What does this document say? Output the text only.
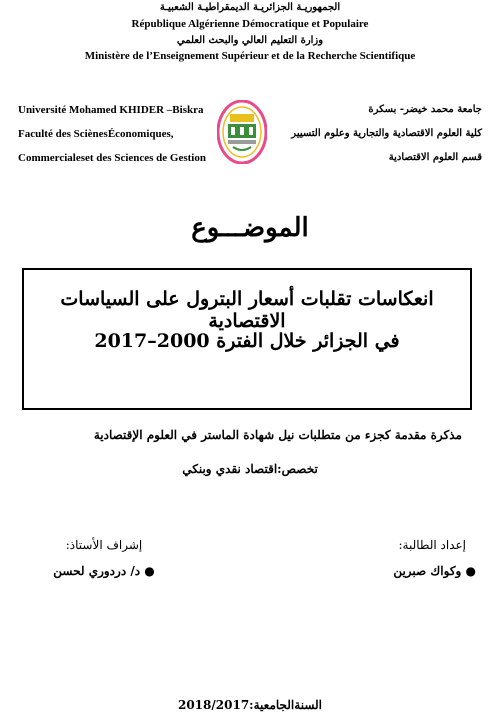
الجمهوريـة الجزائريـة الديمقراطيـة الشعبيـة
République Algérienne Démocratique et Populaire
وزارة التعليم العالي والبحث العلمي
Ministère de l’Enseignement Supérieur et de la Recherche Scientifique
Université Mohamed KHIDER –Biskra
Faculté des SciènesÉconomiques,
Commercialeset des Sciences de Gestion
جامعة محمد خيضر- بسكرة
كلية العلوم الاقتصادية والتجارية وعلوم التسيير
قسم العلوم الاقتصادية
الموضـــوع
انعكاسات تقلبات أسعار البترول على السياسات الاقتصادية
في الجزائر خلال الفترة 2000–2017
مذكرة مقدمة كجزء من متطلبات نيل شهادة الماستر في العلوم الإقتصادية
تخصص:اقتصاد نقدي وبنكي
إشراف الأستاذ:
● د/ دردوري لحسن
إعداد الطالبة:
● وكواك صبرين
السنةالجامعية:2018/2017
